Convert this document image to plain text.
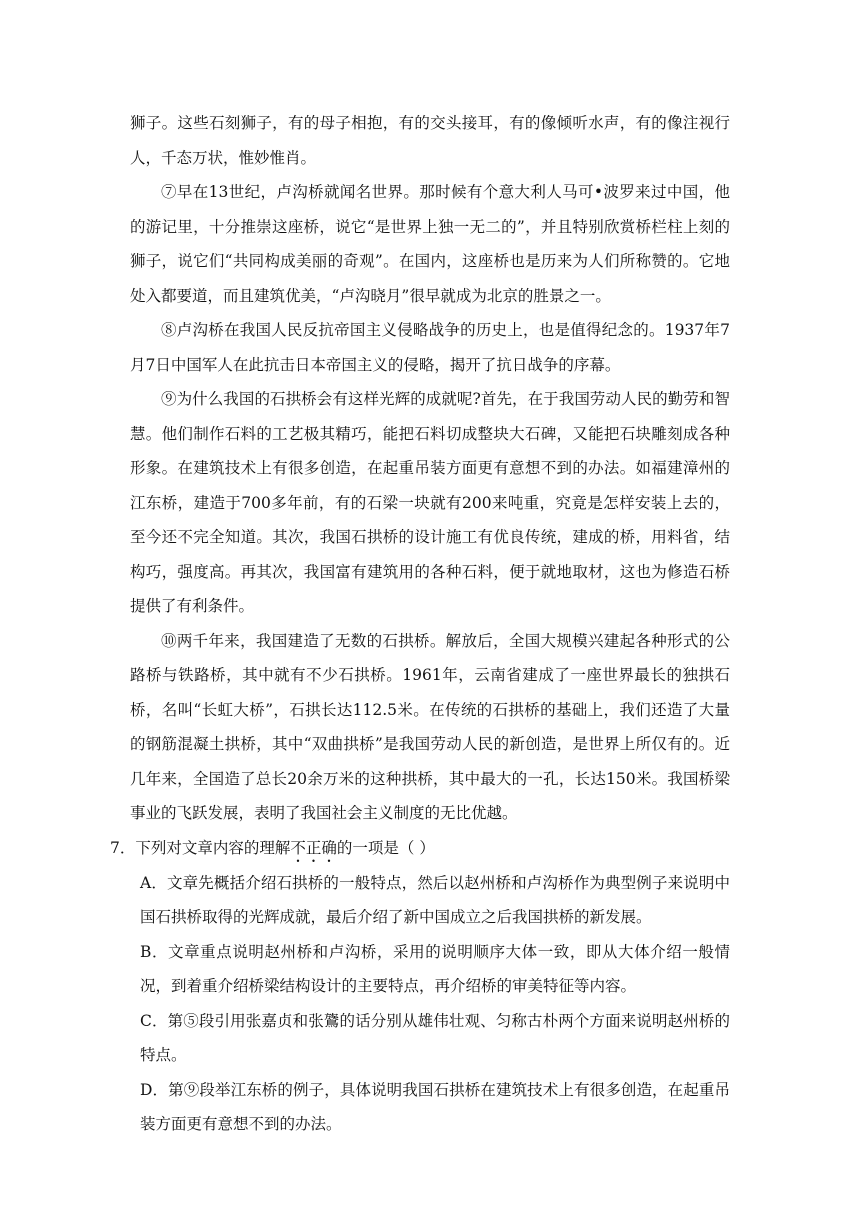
狮子。这些石刻狮子，有的母子相抱，有的交头接耳，有的像倾听水声，有的像注视行人，千态万状，惟妙惟肖。

⑦早在13世纪，卢沟桥就闻名世界。那时候有个意大利人马可•波罗来过中国，他的游记里，十分推崇这座桥，说它“是世界上独一无二的”，并且特别欣赏桥栏柱上刻的狮子，说它们“共同构成美丽的奇观”。在国内，这座桥也是历来为人们所称赞的。它地处入都要道，而且建筑优美，“卢沟晓月”很早就成为北京的胜景之一。

⑧卢沟桥在我国人民反抗帝国主义侵略战争的历史上，也是值得纪念的。1937年7月7日中国军人在此抗击日本帝国主义的侵略，揭开了抗日战争的序幕。

⑨为什么我国的石拱桥会有这样光辉的成就呢?首先，在于我国劳动人民的勤劳和智慧。他们制作石料的工艺极其精巧，能把石料切成整块大石碑，又能把石块雕刻成各种形象。在建筑技术上有很多创造，在起重吊装方面更有意想不到的办法。如福建漳州的江东桥，建造于700多年前，有的石梁一块就有200来吨重，究竟是怎样安装上去的，至今还不完全知道。其次，我国石拱桥的设计施工有优良传统，建成的桥，用料省，结构巧，强度高。再其次，我国富有建筑用的各种石料，便于就地取材，这也为修造石桥提供了有利条件。

⑩两千年来，我国建造了无数的石拱桥。解放后，全国大规模兴建起各种形式的公路桥与铁路桥，其中就有不少石拱桥。1961年，云南省建成了一座世界最长的独拱石桥，名叫“长虹大桥”，石拱长达112.5米。在传统的石拱桥的基础上，我们还造了大量的钢筋混凝土拱桥，其中“双曲拱桥”是我国劳动人民的新创造，是世界上所仅有的。近几年来，全国造了总长20余万米的这种拱桥，其中最大的一孔，长达150米。我国桥梁事业的飞跃发展，表明了我国社会主义制度的无比优越。

7．下列对文章内容的理解不正确的一项是（ ）

A．文章先概括介绍石拱桥的一般特点，然后以赵州桥和卢沟桥作为典型例子来说明中国石拱桥取得的光辉成就，最后介绍了新中国成立之后我国拱桥的新发展。

B．文章重点说明赵州桥和卢沟桥，采用的说明顺序大体一致，即从大体介绍一般情况，到着重介绍桥梁结构设计的主要特点，再介绍桥的审美特征等内容。

C．第⑤段引用张嘉贞和张鷟的话分别从雄伟壮观、匀称古朴两个方面来说明赵州桥的特点。

D．第⑨段举江东桥的例子，具体说明我国石拱桥在建筑技术上有很多创造，在起重吊装方面更有意想不到的办法。
